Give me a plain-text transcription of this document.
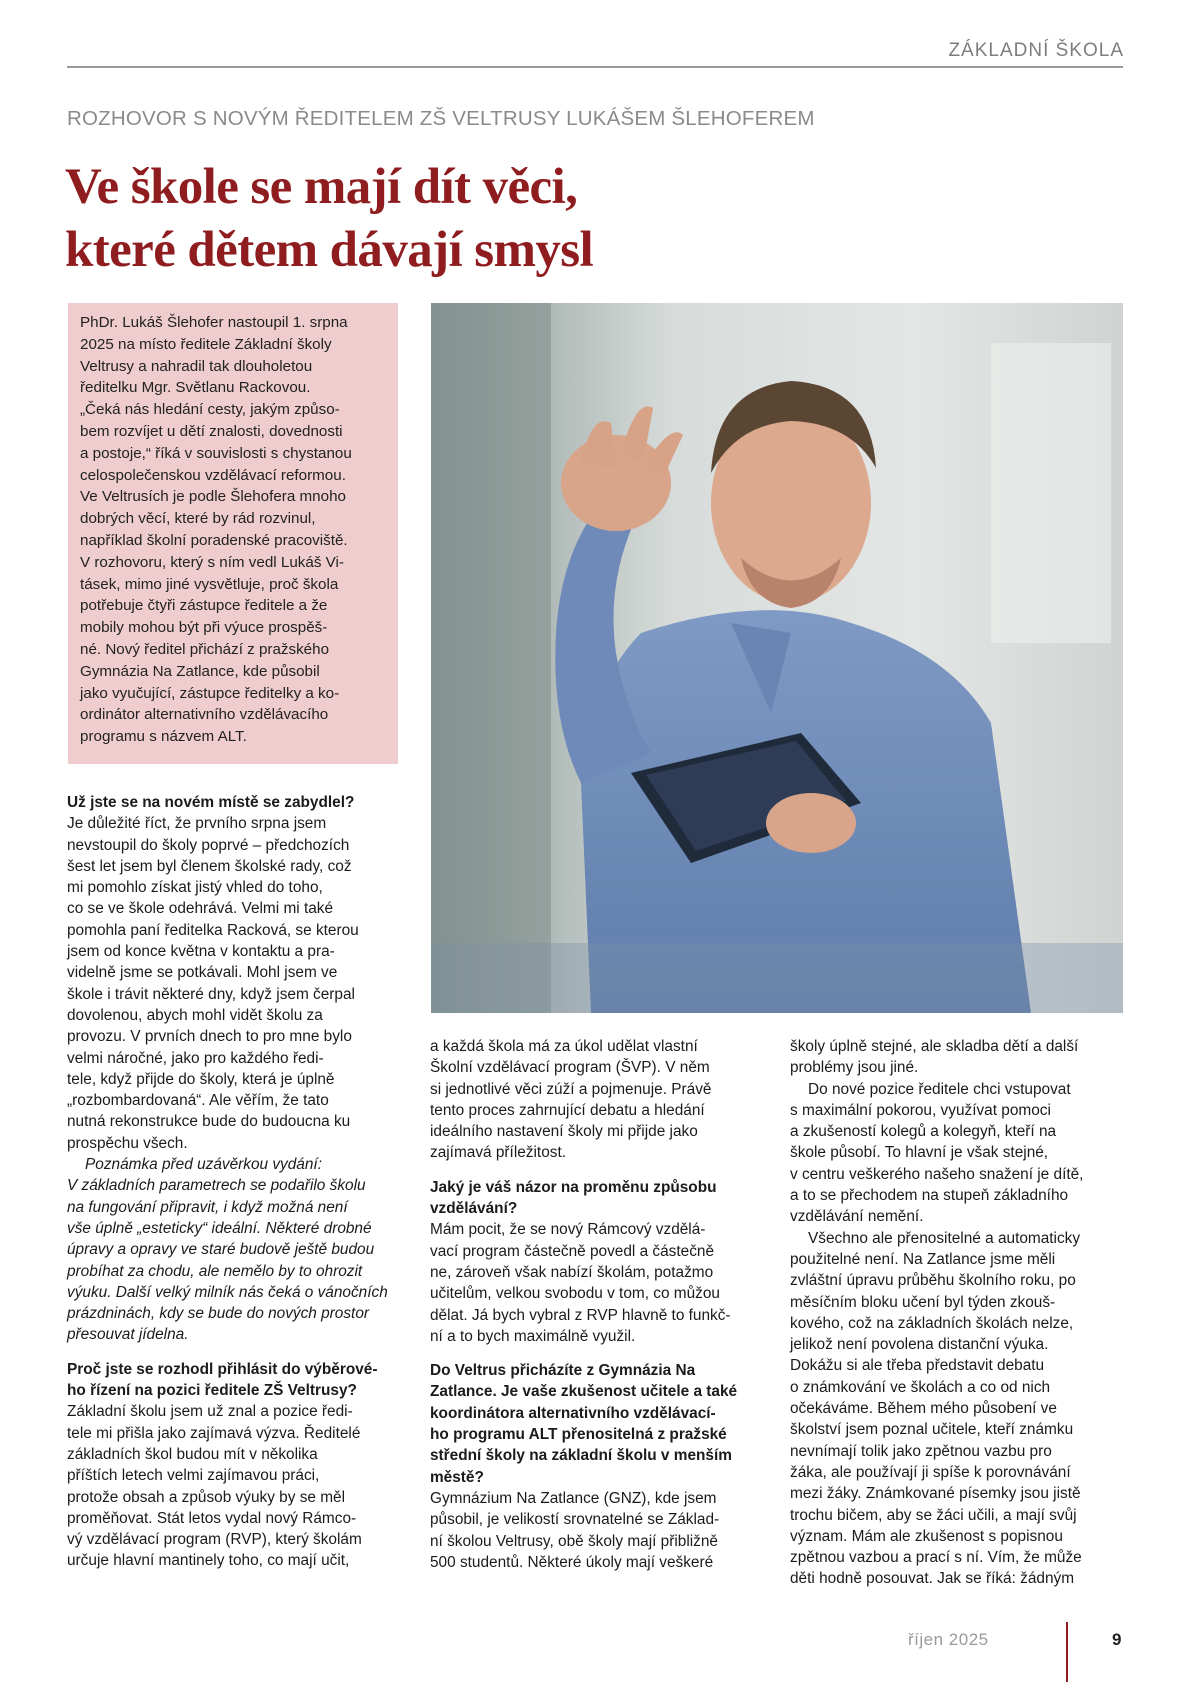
ZÁKLADNÍ ŠKOLA
ROZHOVOR S NOVÝM ŘEDITELEM ZŠ VELTRUSY LUKÁŠEM ŠLEHOFEREM
Ve škole se mají dít věci,
které dětem dávají smysl
PhDr. Lukáš Šlehofer nastoupil 1. srpna
2025 na místo ředitele Základní školy
Veltrusy a nahradil tak dlouholetou
ředitelku Mgr. Světlanu Rackovou.
„Čeká nás hledání cesty, jakým způso-
bem rozvíjet u dětí znalosti, dovednosti
a postoje,“ říká v souvislosti s chystanou
celospolečenskou vzdělávací reformou.
Ve Veltrusích je podle Šlehofera mnoho
dobrých věcí, které by rád rozvinul,
například školní poradenské pracoviště.
V rozhovoru, který s ním vedl Lukáš Vi-
tásek, mimo jiné vysvětluje, proč škola
potřebuje čtyři zástupce ředitele a že
mobily mohou být při výuce prospěš-
né. Nový ředitel přichází z pražského
Gymnázia Na Zatlance, kde působil
jako vyučující, zástupce ředitelky a ko-
ordinátor alternativního vzdělávacího
programu s názvem ALT.
Už jste se na novém místě se zabydlel?
Je důležité říct, že prvního srpna jsem
nevstoupil do školy poprvé – předchozích
šest let jsem byl členem školské rady, což
mi pomohlo získat jistý vhled do toho,
co se ve škole odehrává. Velmi mi také
pomohla paní ředitelka Racková, se kterou
jsem od konce května v kontaktu a pra-
videlně jsme se potkávali. Mohl jsem ve
škole i trávit některé dny, když jsem čerpal
dovolenou, abych mohl vidět školu za
provozu. V prvních dnech to pro mne bylo
velmi náročné, jako pro každého ředi-
tele, když přijde do školy, která je úplně
„rozbombardovaná“. Ale věřím, že tato
nutná rekonstrukce bude do budoucna ku
prospěchu všech.
Poznámka před uzávěrkou vydání:
V základních parametrech se podařilo školu
na fungování připravit, i když možná není
vše úplně „esteticky“ ideální. Některé drobné
úpravy a opravy ve staré budově ještě budou
probíhat za chodu, ale nemělo by to ohrozit
výuku. Další velký milník nás čeká o vánočních
prázdninách, kdy se bude do nových prostor
přesouvat jídelna.
Proč jste se rozhodl přihlásit do výběrové-
ho řízení na pozici ředitele ZŠ Veltrusy?
Základní školu jsem už znal a pozice ředi-
tele mi přišla jako zajímavá výzva. Ředitelé
základních škol budou mít v několika
příštích letech velmi zajímavou práci,
protože obsah a způsob výuky by se měl
proměňovat. Stát letos vydal nový Rámco-
vý vzdělávací program (RVP), který školám
určuje hlavní mantinely toho, co mají učit,
a každá škola má za úkol udělat vlastní
Školní vzdělávací program (ŠVP). V něm
si jednotlivé věci zúží a pojmenuje. Právě
tento proces zahrnující debatu a hledání
ideálního nastavení školy mi přijde jako
zajímavá příležitost.
Jaký je váš názor na proměnu způsobu
vzdělávání?
Mám pocit, že se nový Rámcový vzdělá-
vací program částečně povedl a částečně
ne, zároveň však nabízí školám, potažmo
učitelům, velkou svobodu v tom, co můžou
dělat. Já bych vybral z RVP hlavně to funkč-
ní a to bych maximálně využil.
Do Veltrus přicházíte z Gymnázia Na
Zatlance. Je vaše zkušenost učitele a také
koordinátora alternativního vzdělávací-
ho programu ALT přenositelná z pražské
střední školy na základní školu v menším
městě?
Gymnázium Na Zatlance (GNZ), kde jsem
působil, je velikostí srovnatelné se Základ-
ní školou Veltrusy, obě školy mají přibližně
500 studentů. Některé úkoly mají veškeré
školy úplně stejné, ale skladba dětí a další
problémy jsou jiné.
Do nové pozice ředitele chci vstupovat
s maximální pokorou, využívat pomoci
a zkušeností kolegů a kolegyň, kteří na
škole působí. To hlavní je však stejné,
v centru veškerého našeho snažení je dítě,
a to se přechodem na stupeň základního
vzdělávání nemění.
Všechno ale přenositelné a automaticky
použitelné není. Na Zatlance jsme měli
zvláštní úpravu průběhu školního roku, po
měsíčním bloku učení byl týden zkouš-
kového, což na základních školách nelze,
jelikož není povolena distanční výuka.
Dokážu si ale třeba představit debatu
o známkování ve školách a co od nich
očekáváme. Během mého působení ve
školství jsem poznal učitele, kteří známku
nevnímají tolik jako zpětnou vazbu pro
žáka, ale používají ji spíše k porovnávání
mezi žáky. Známkované písemky jsou jistě
trochu bičem, aby se žáci učili, a mají svůj
význam. Mám ale zkušenost s popisnou
zpětnou vazbou a prací s ní. Vím, že může
děti hodně posouvat. Jak se říká: žádným
říjen 2025	9
